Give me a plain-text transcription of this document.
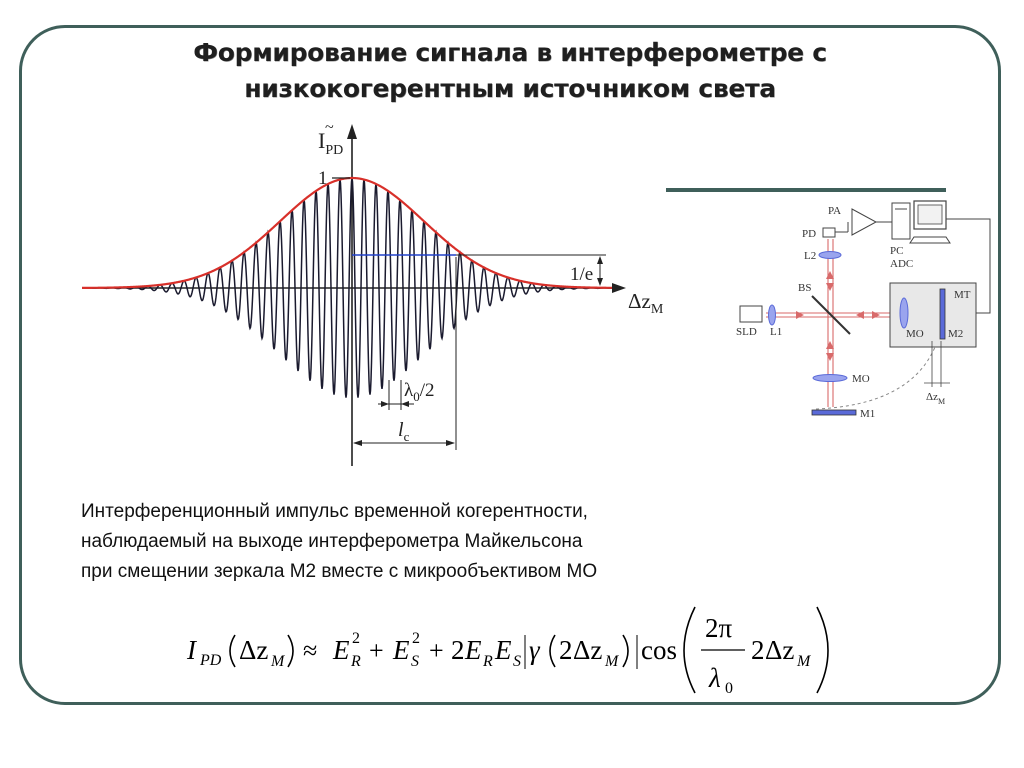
Формирование сигнала в интерферометре с
низкокогерентным источником света
$I_{PD}$
~
1
$\Delta z_M$
1/e
$\lambda_0/2$
$l_c$
PA
PD
PC
ADC
L2
BS
SLD L1
MT
MO M2
MO
M1
$\Delta z_M$
Интерференционный импульс временной когерентности,
наблюдаемый на выходе интерферометра Майкельсона
при смещении зеркала М2 вместе с микрообъективом МО
I PD Δz M ≈ E 2
R + E 2
S + 2 E R E S γ 2 Δz M cos
2π
λ 0
2 Δz M
